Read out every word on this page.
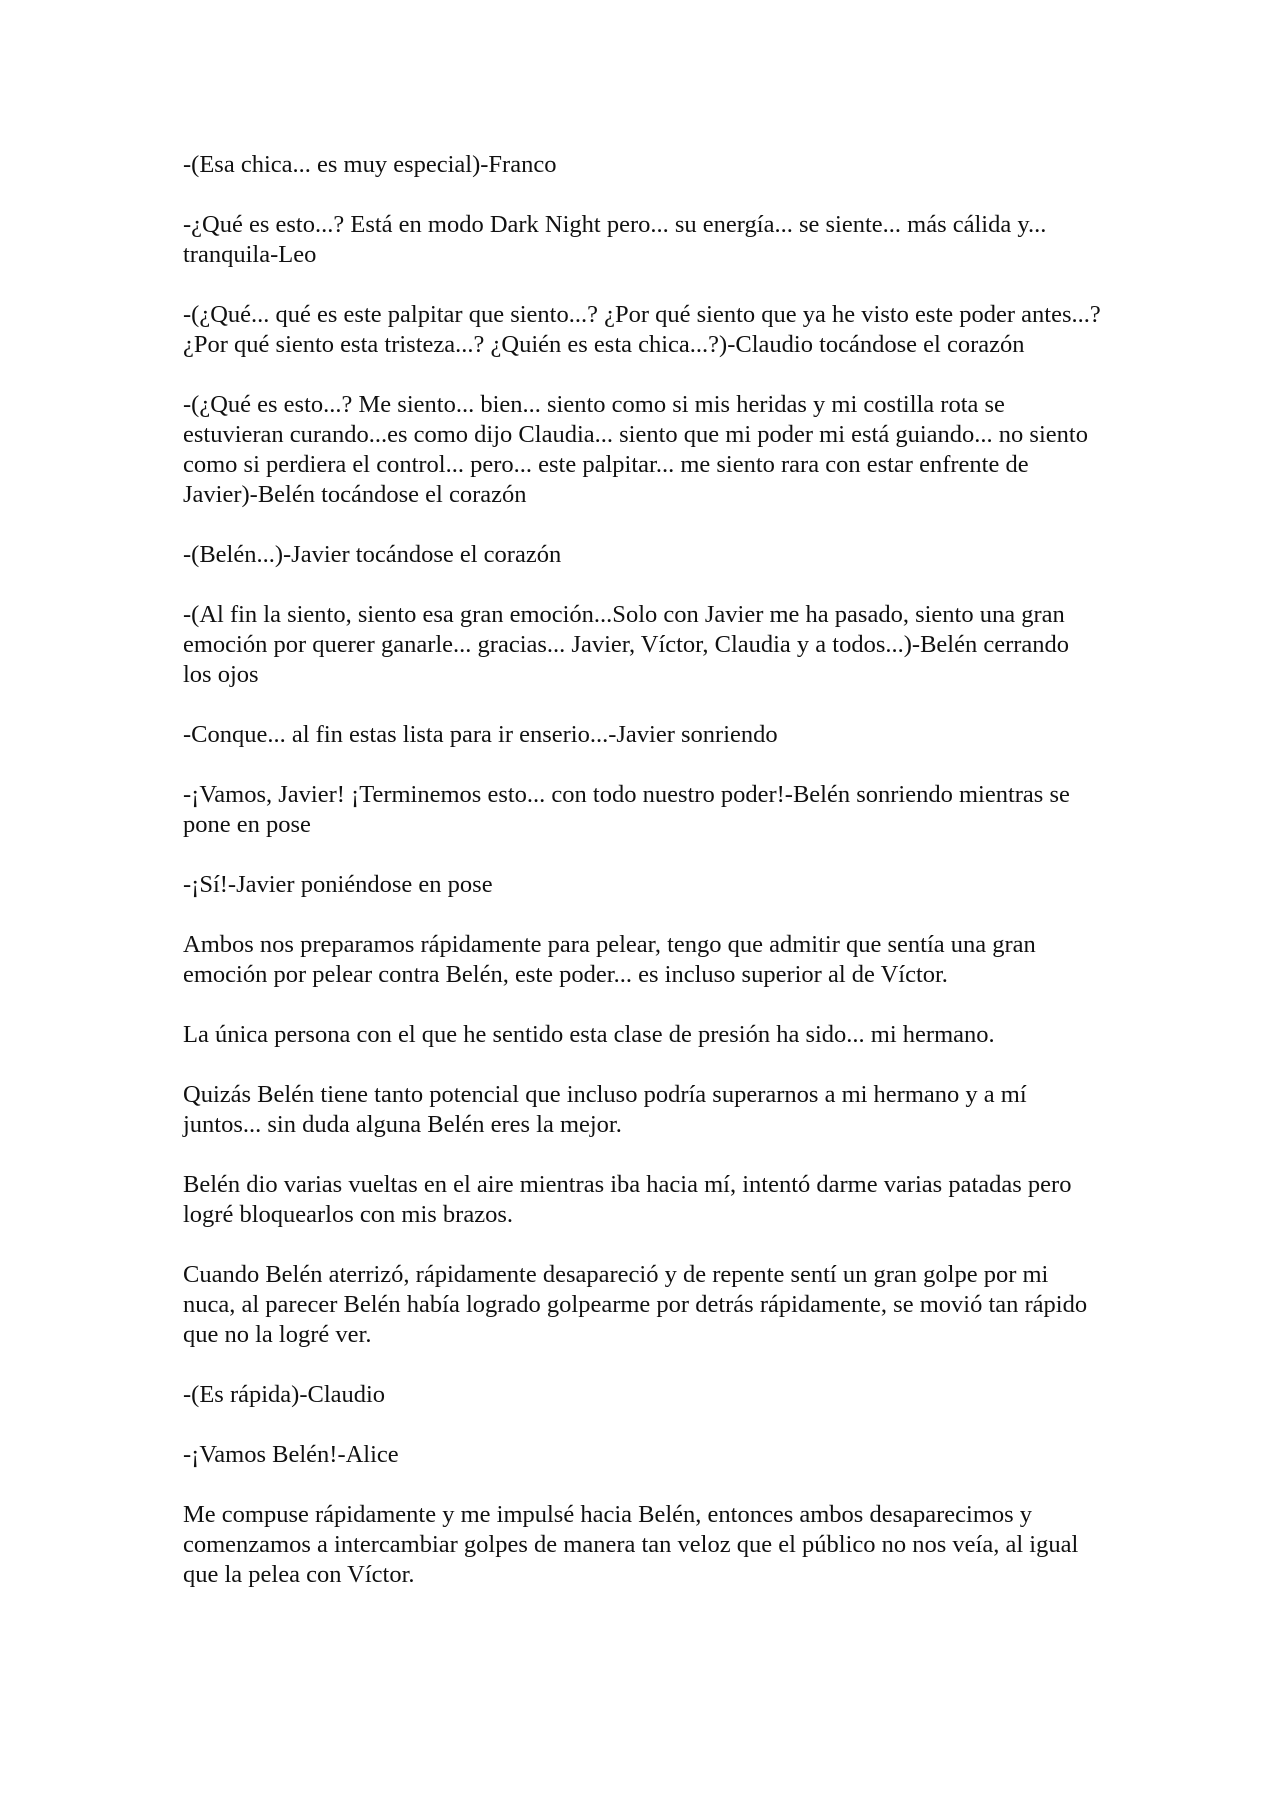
-(Esa chica... es muy especial)-Franco

-¿Qué es esto...? Está en modo Dark Night pero... su energía... se siente... más cálida y... tranquila-Leo

-(¿Qué... qué es este palpitar que siento...? ¿Por qué siento que ya he visto este poder antes...? ¿Por qué siento esta tristeza...? ¿Quién es esta chica...?)-Claudio tocándose el corazón

-(¿Qué es esto...? Me siento... bien... siento como si mis heridas y mi costilla rota se estuvieran curando...es como dijo Claudia... siento que mi poder mi está guiando... no siento como si perdiera el control... pero... este palpitar... me siento rara con estar enfrente de Javier)-Belén tocándose el corazón

-(Belén...)-Javier tocándose el corazón

-(Al fin la siento, siento esa gran emoción...Solo con Javier me ha pasado, siento una gran emoción por querer ganarle... gracias... Javier, Víctor, Claudia y a todos...)-Belén cerrando los ojos

-Conque... al fin estas lista para ir enserio...-Javier sonriendo

-¡Vamos, Javier! ¡Terminemos esto... con todo nuestro poder!-Belén sonriendo mientras se pone en pose

-¡Sí!-Javier poniéndose en pose

Ambos nos preparamos rápidamente para pelear, tengo que admitir que sentía una gran emoción por pelear contra Belén, este poder... es incluso superior al de Víctor.

La única persona con el que he sentido esta clase de presión ha sido... mi hermano.

Quizás Belén tiene tanto potencial que incluso podría superarnos a mi hermano y a mí juntos... sin duda alguna Belén eres la mejor.

Belén dio varias vueltas en el aire mientras iba hacia mí, intentó darme varias patadas pero logré bloquearlos con mis brazos.

Cuando Belén aterrizó, rápidamente desapareció y de repente sentí un gran golpe por mi nuca, al parecer Belén había logrado golpearme por detrás rápidamente, se movió tan rápido que no la logré ver.

-(Es rápida)-Claudio

-¡Vamos Belén!-Alice

Me compuse rápidamente y me impulsé hacia Belén, entonces ambos desaparecimos y comenzamos a intercambiar golpes de manera tan veloz que el público no nos veía, al igual que la pelea con Víctor.
